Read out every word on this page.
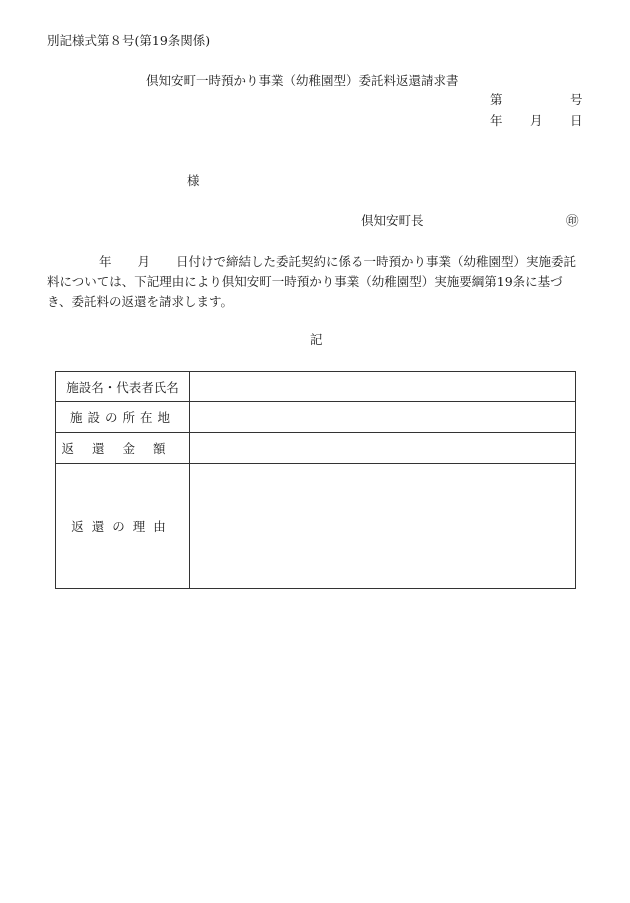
別記様式第８号(第19条関係)
倶知安町一時預かり事業（幼稚園型）委託料返還請求書
第	号
年 月 日
様
倶知安町長	㊞
年 月 日付けで締結した委託契約に係る一時預かり事業（幼稚園型）実施委託料については、下記理由により倶知安町一時預かり事業（幼稚園型）実施要綱第19条に基づき、委託料の返還を請求します。
記
施設名・代表者氏名	
施設の所在地	
返還金額	
返還の理由	
